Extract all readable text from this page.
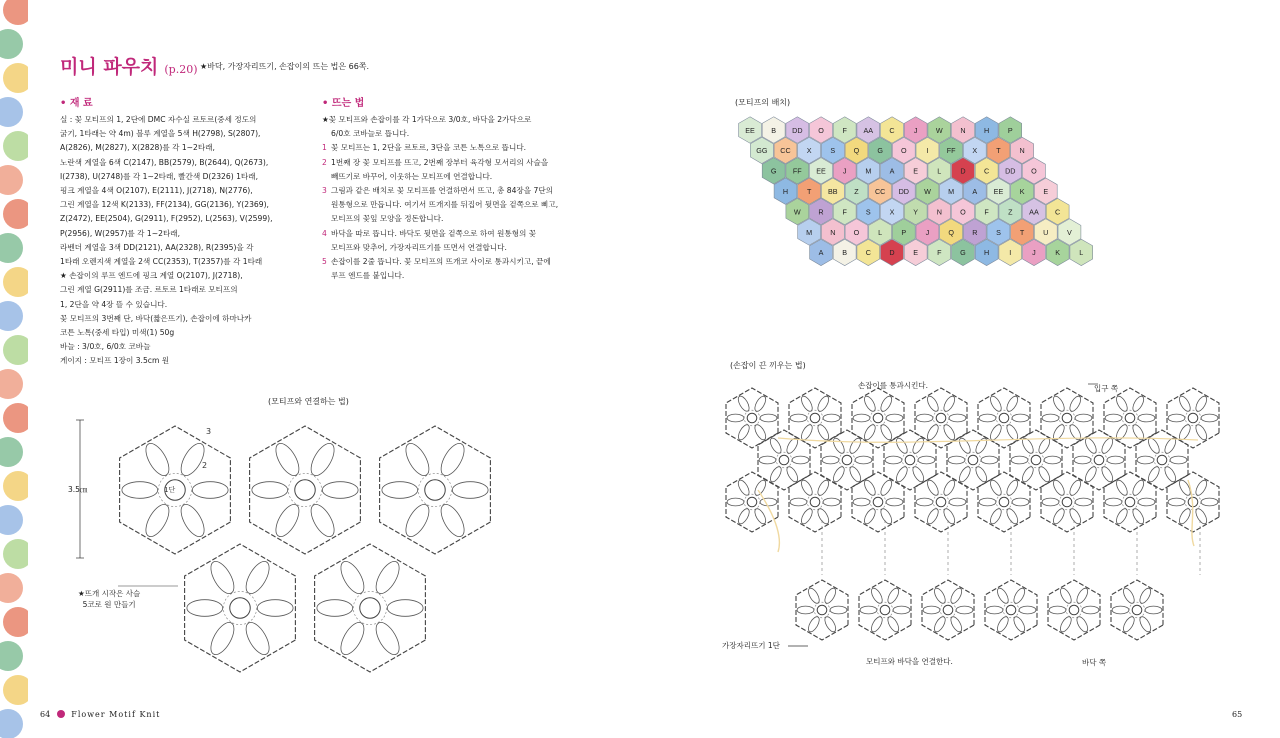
미니 파우치 (p.20) ★바닥, 가장자리뜨기, 손잡이의 뜨는 법은 66쪽.
• 재 료
실 : 꽃 모티프의 1, 2단에 DMC 자수실 르토르(중세 정도의
굵기, 1타래는 약 4m) 블루 계열을 5색 H(2798), S(2807),
A(2826), M(2827), X(2828)를 각 1~2타래,
노란색 계열을 6색 C(2147), BB(2579), B(2644), Q(2673),
I(2738), U(2748)를 각 1~2타래, 빨간색 D(2326) 1타래,
핑크 계열을 4색 O(2107), E(2111), J(2718), N(2776),
그린 계열을 12색 K(2133), FF(2134), GG(2136), Y(2369),
Z(2472), EE(2504), G(2911), F(2952), L(2563), V(2599),
P(2956), W(2957)를 각 1~2타래,
라벤더 계열을 3색 DD(2121), AA(2328), R(2395)을 각
1타래 오렌지색 계열을 2색 CC(2353), T(2357)를 각 1타래
★ 손잡이의 루프 엔드에 핑크 계열 O(2107), J(2718),
그린 계열 G(2911)를 조금. 르토르 1타래로 모티프의
1, 2단을 약 4장 뜰 수 있습니다.
꽃 모티프의 3번째 단, 바닥(짧은뜨기), 손잡이에 하마나카
코튼 노톡(중세 타입) 미색(1) 50g
바늘 : 3/0호, 6/0호 코바늘
게이지 : 모티프 1장이 3.5cm 원
• 뜨는 법
★꽃 모티프와 손잡이를 각 1가닥으로 3/0호, 바닥을 2가닥으로
6/0호 코바늘로 뜹니다.
1 꽃 모티프는 1, 2단을 르토르, 3단을 코튼 노톡으로 뜹니다.
2 1번째 장 꽃 모티프를 뜨고, 2번째 장부터 육각형 모서리의 사슬을
빼뜨기로 바꾸어, 이웃하는 모티프에 연결합니다.
3 그림과 같은 배치로 꽃 모티프를 연결하면서 뜨고, 총 84장을 7단의
원통형으로 만듭니다. 여기서 뜨개지를 뒤집어 뒷면을 겉쪽으로 삐고,
모티프의 꽃잎 모양을 정돈합니다.
4 바닥을 따로 뜹니다. 바닥도 뒷면을 겉쪽으로 하여 원통형의 꽃
모티프와 맞추어, 가장자리뜨기를 뜨면서 연결합니다.
5 손잡이를 2줄 뜹니다. 꽃 모티프의 뜨개코 사이로 통과시키고, 끝에
루프 엔드를 붙입니다.
(모티프와 연결하는 법)
3
2
1단
3.5㎝
★뜨개 시작은 사슬
5코로 원 만들기
(모티프의 배치)
EE B DD O	F AA C	J	W N	H	P
GG CC X	S	Q	G	O	I	FF X	T	N
G FF EE J	M	A	E	L	D	C DD O
H	T BB Z CC DD W M	A EE K	E
W R	F	S	X	Y	N	O	F	Z AA C
M	N	O	L	P	J	Q	R	S	T	U	V
A	B	C	D	E	F	G	H	I	J	K	L
(손잡이 끈 끼우는 법)
손잡이를 통과시킨다.	입구 쪽
가장자리뜨기 1단
모티프와 바닥을 연결한다.	바닥 쪽
64	Flower Motif Knit	65
